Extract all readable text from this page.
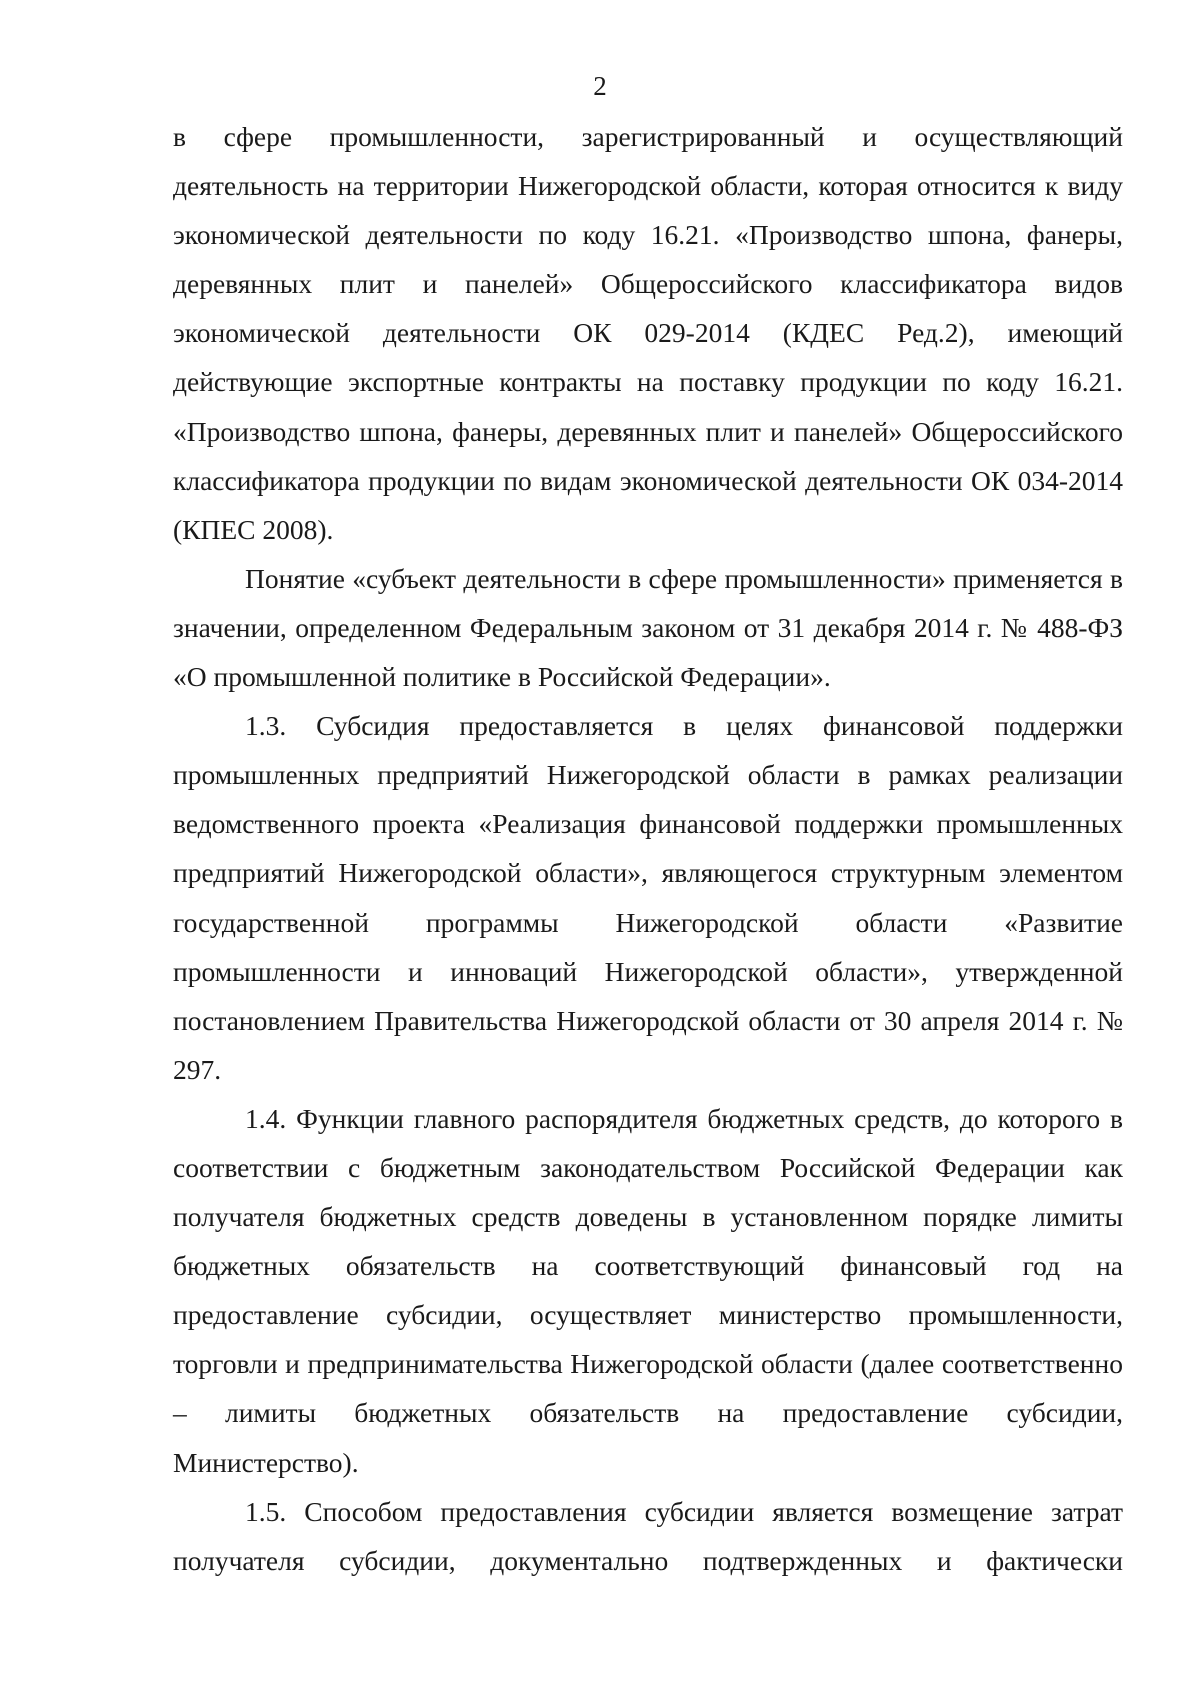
2

в сфере промышленности, зарегистрированный и осуществляющий деятельность на территории Нижегородской области, которая относится к виду экономической деятельности по коду 16.21. «Производство шпона, фанеры, деревянных плит и панелей» Общероссийского классификатора видов экономической деятельности ОК 029-2014 (КДЕС Ред.2), имеющий действующие экспортные контракты на поставку продукции по коду 16.21. «Производство шпона, фанеры, деревянных плит и панелей» Общероссийского классификатора продукции по видам экономической деятельности ОК 034-2014 (КПЕС 2008).

Понятие «субъект деятельности в сфере промышленности» применяется в значении, определенном Федеральным законом от 31 декабря 2014 г. № 488-ФЗ «О промышленной политике в Российской Федерации».

1.3. Субсидия предоставляется в целях финансовой поддержки промышленных предприятий Нижегородской области в рамках реализации ведомственного проекта «Реализация финансовой поддержки промышленных предприятий Нижегородской области», являющегося структурным элементом государственной программы Нижегородской области «Развитие промышленности и инноваций Нижегородской области», утвержденной постановлением Правительства Нижегородской области от 30 апреля 2014 г. № 297.

1.4. Функции главного распорядителя бюджетных средств, до которого в соответствии с бюджетным законодательством Российской Федерации как получателя бюджетных средств доведены в установленном порядке лимиты бюджетных обязательств на соответствующий финансовый год на предоставление субсидии, осуществляет министерство промышленности, торговли и предпринимательства Нижегородской области (далее соответственно – лимиты бюджетных обязательств на предоставление субсидии, Министерство).

1.5. Способом предоставления субсидии является возмещение затрат получателя субсидии, документально подтвержденных и фактически
